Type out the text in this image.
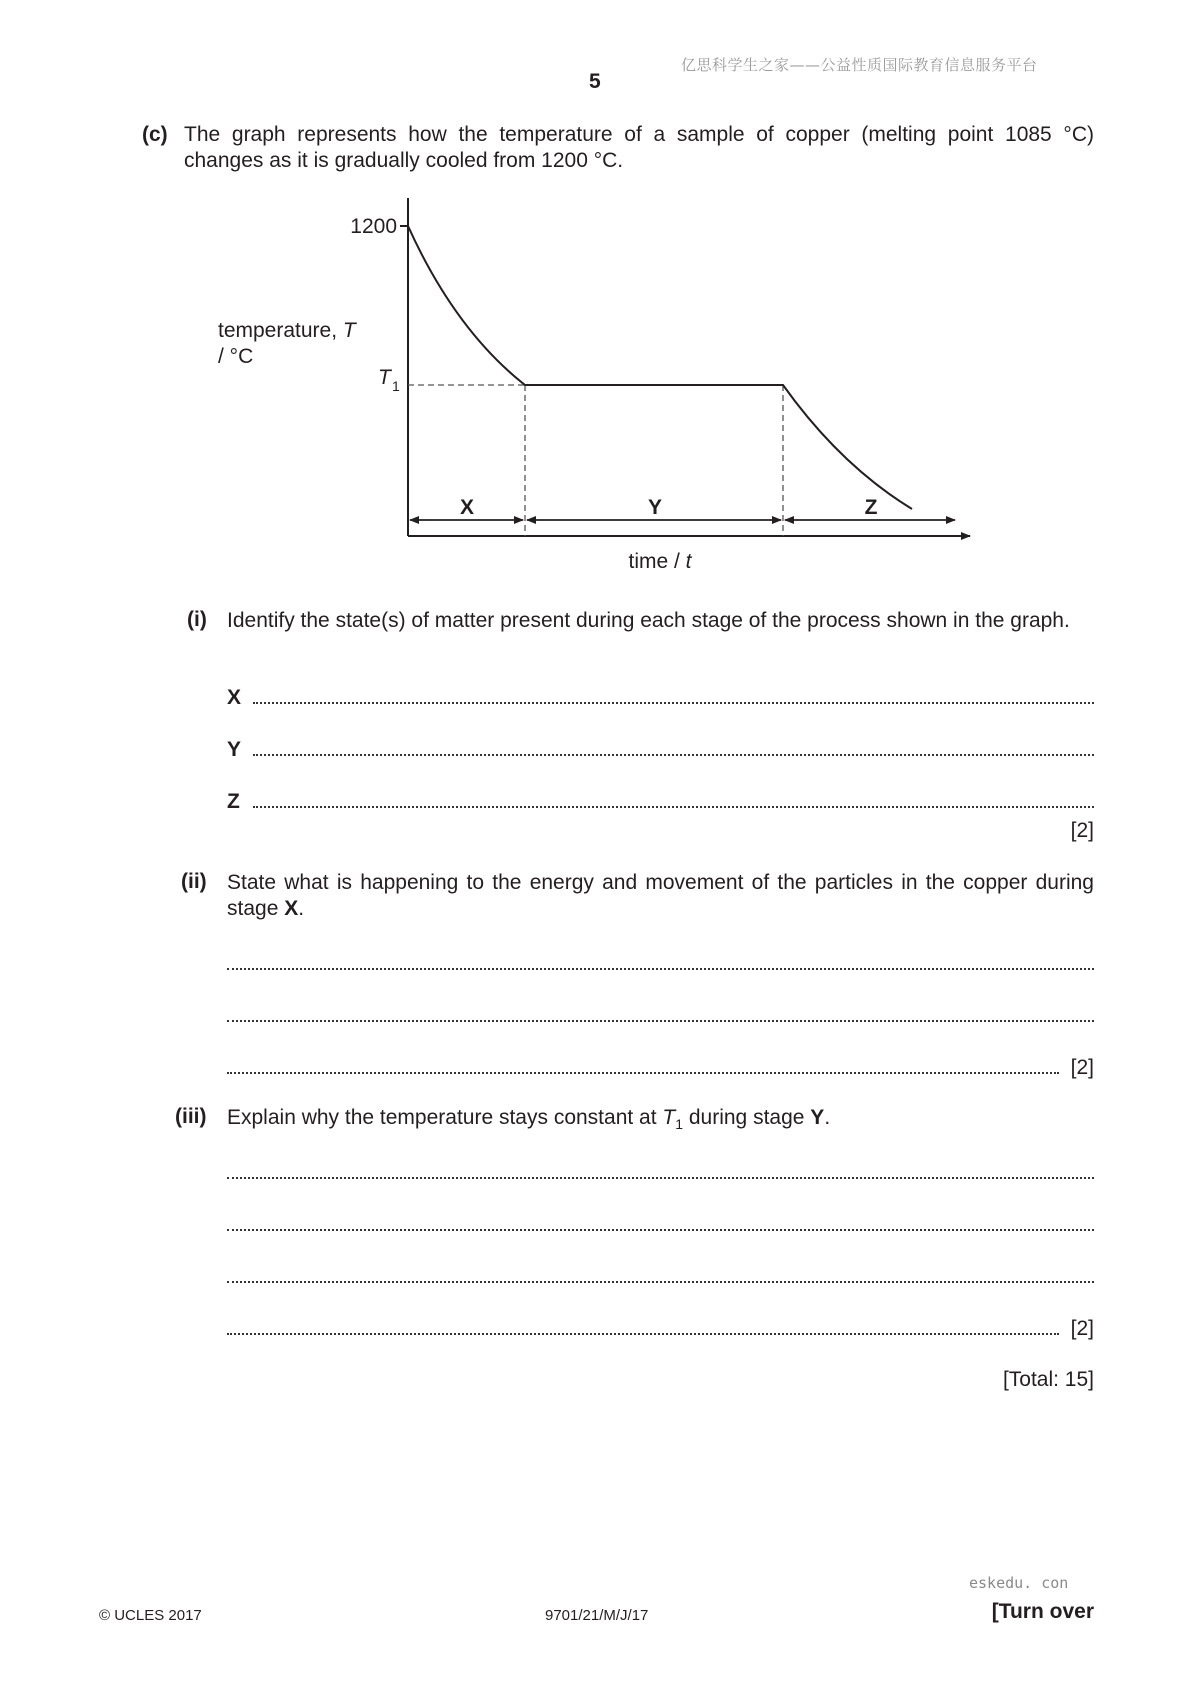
亿思科学生之家——公益性质国际教育信息服务平台
5
(c) The graph represents how the temperature of a sample of copper (melting point 1085 °C) changes as it is gradually cooled from 1200 °C.
1200
temperature, T
/ °C
T 1
X	Y	Z
time / t
(i) Identify the state(s) of matter present during each stage of the process shown in the graph.
X
Y
Z
[2]
(ii) State what is happening to the energy and movement of the particles in the copper during stage X.
[2]
(iii) Explain why the temperature stays constant at $T_1$ during stage Y.
[2]
[Total: 15]
eskedu. con
© UCLES 2017	9701/21/M/J/17	[Turn over
